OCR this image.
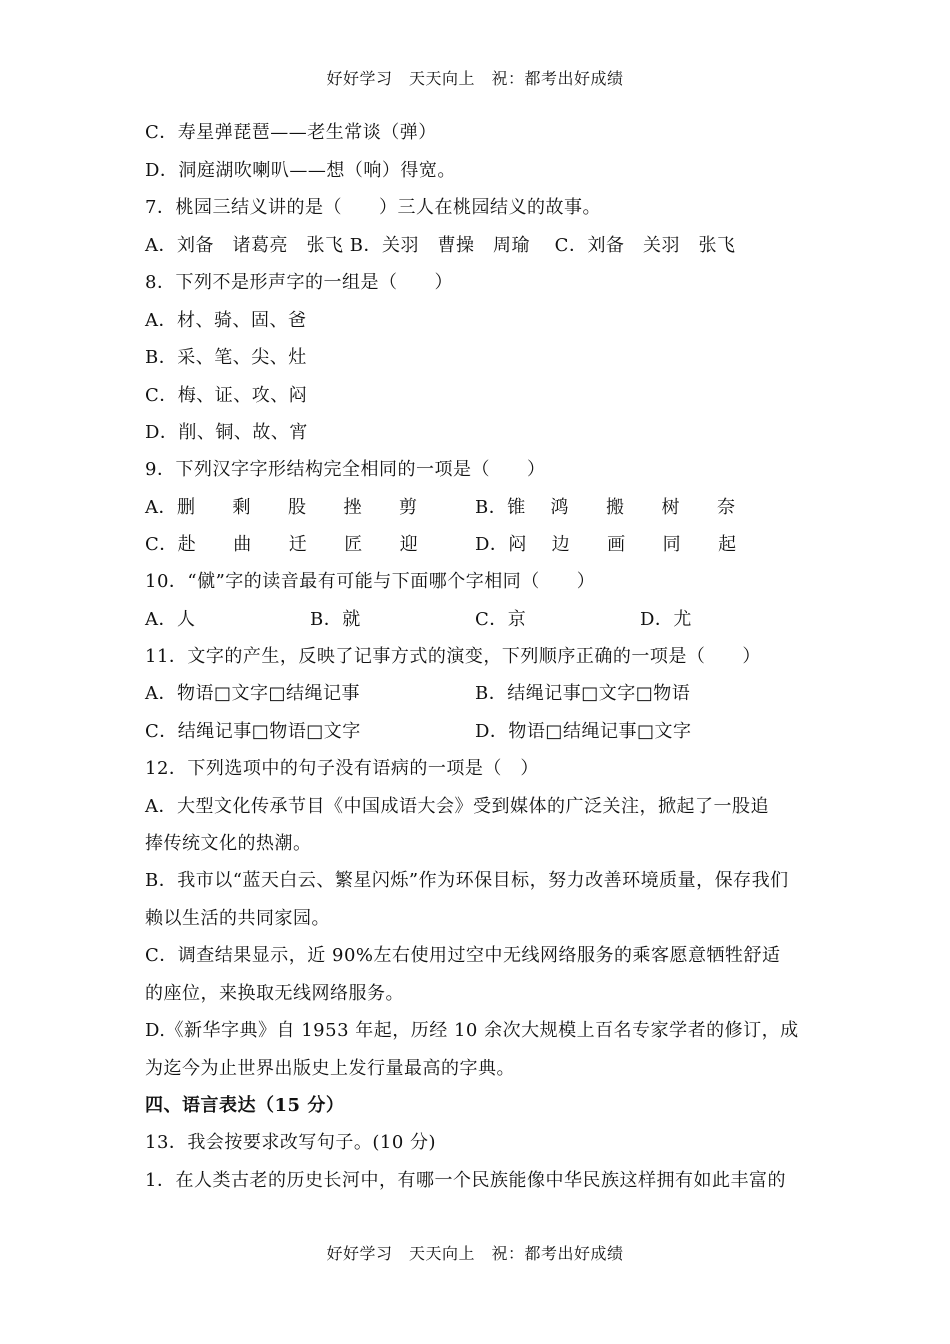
好好学习　天天向上　祝：都考出好成绩
C．寿星弹琵琶——老生常谈（弹）
D．洞庭湖吹喇叭——想（响）得宽。
7．桃园三结义讲的是（　　）三人在桃园结义的故事。
A．刘备　诸葛亮　张飞 B．关羽　曹操　周瑜　 C．刘备　关羽　张飞
8．下列不是形声字的一组是（　　）
A．材、骑、固、爸
B．采、笔、尖、灶
C．梅、证、攻、闷
D．削、铜、故、宵
9．下列汉字字形结构完全相同的一项是（　　）
A．删　　剩　　股　　挫　　剪	B．锥　 鸿　　搬　　树　　奈
C．赴　　曲　　迁　　匠　　迎	D．闷　 边　　画　　同　　起
10．“僦”字的读音最有可能与下面哪个字相同（　　）
A．人	B．就	C．京	D．尤
11．文字的产生，反映了记事方式的演变，下列顺序正确的一项是（　　）
A．物语□文字□结绳记事	B．结绳记事□文字□物语
C．结绳记事□物语□文字	D．物语□结绳记事□文字
12．下列选项中的句子没有语病的一项是（　）
A．大型文化传承节目《中国成语大会》受到媒体的广泛关注，掀起了一股追
捧传统文化的热潮。
B．我市以“蓝天白云、繁星闪烁”作为环保目标，努力改善环境质量，保存我们
赖以生活的共同家园。
C．调查结果显示，近 90%左右使用过空中无线网络服务的乘客愿意牺牲舒适
的座位，来换取无线网络服务。
D.《新华字典》自 1953 年起，历经 10 余次大规模上百名专家学者的修订，成
为迄今为止世界出版史上发行量最高的字典。
四、语言表达（15 分）
13．我会按要求改写句子。(10 分)
1．在人类古老的历史长河中，有哪一个民族能像中华民族这样拥有如此丰富的
好好学习　天天向上　祝：都考出好成绩
